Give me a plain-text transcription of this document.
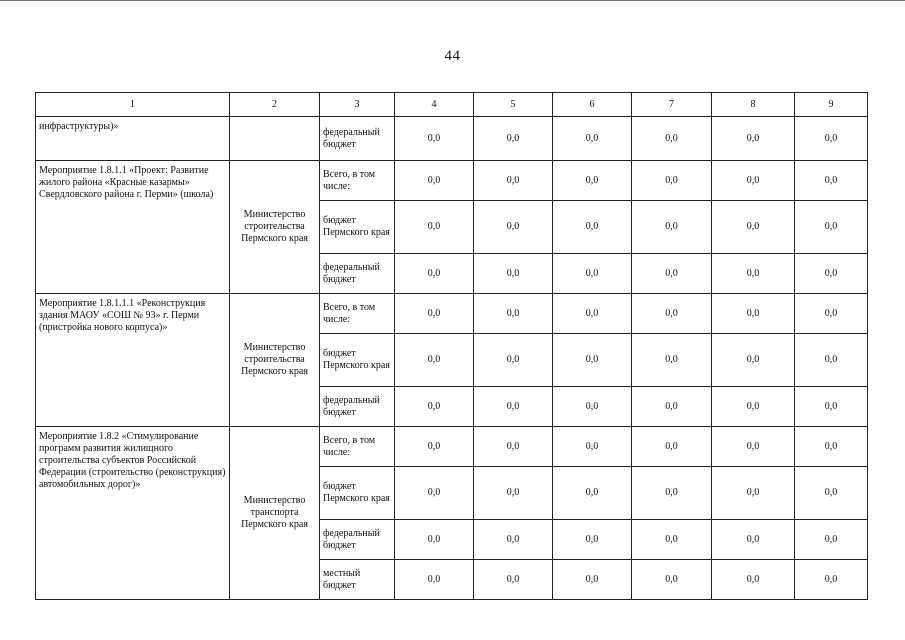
44
1	2	3	4	5	6	7	8	9
инфраструктуры)»		федеральный бюджет	0,0	0,0	0,0	0,0	0,0	0,0
Мероприятие 1.8.1.1 «Проект: Развитие жилого района «Красные казармы» Свердловского района г. Перми» (школа)	Министерство строительства Пермского края	Всего, в том числе:	0,0	0,0	0,0	0,0	0,0	0,0
		бюджет Пермского края	0,0	0,0	0,0	0,0	0,0	0,0
		федеральный бюджет	0,0	0,0	0,0	0,0	0,0	0,0
Мероприятие 1.8.1.1.1 «Реконструкция здания МАОУ «СОШ № 93» г. Перми (пристройка нового корпуса)»	Министерство строительства Пермского края	Всего, в том числе:	0,0	0,0	0,0	0,0	0,0	0,0
		бюджет Пермского края	0,0	0,0	0,0	0,0	0,0	0,0
		федеральный бюджет	0,0	0,0	0,0	0,0	0,0	0,0
Мероприятие 1.8.2 «Стимулирование программ развития жилищного строительства субъектов Российской Федерации (строительство (реконструкция) автомобильных дорог)»	Министерство транспорта Пермского края	Всего, в том числе:	0,0	0,0	0,0	0,0	0,0	0,0
		бюджет Пермского края	0,0	0,0	0,0	0,0	0,0	0,0
		федеральный бюджет	0,0	0,0	0,0	0,0	0,0	0,0
		местный бюджет	0,0	0,0	0,0	0,0	0,0	0,0
